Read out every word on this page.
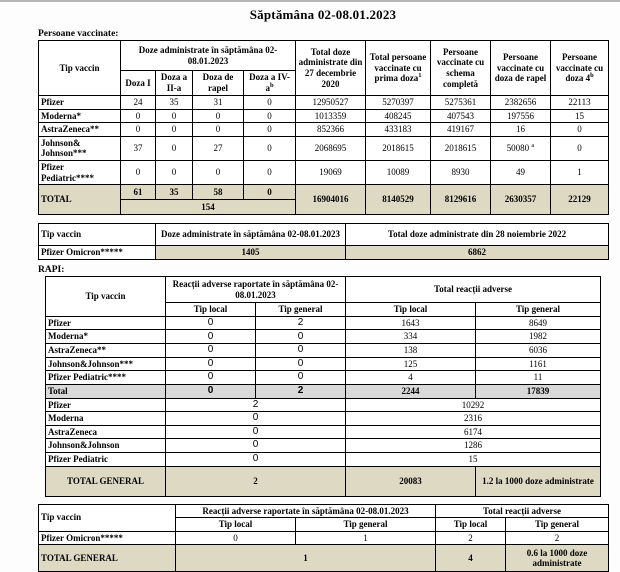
Săptămâna 02-08.01.2023
Persoane vaccinate:
Tip vaccin	Doze administrate în săptămâna 02-08.01.2023				Total doze administrate din 27 decembrie 2020	Total persoane vaccinate cu prima doza$^1$	Persoane vaccinate cu schema completă	Persoane vaccinate cu doza de rapel	Persoane vaccinate cu doza 4$^b$
	Doza I	Doza a II-a	Doza de rapel	Doza a $IV-a^b$
Pfizer	24	35	31	0	12950527	5270397	5275361	2382656	22113
Moderna*	0	0	0	0	1013359	408245	407543	197556	15
AstraZeneca**	0	0	0	0	852366	433183	419167	16	0
Johnson& Johnson***	37	0	27	0	2068695	2018615	2018615	50080 $^a$	0
Pfizer Pediatric****	0	0	0	0	19069	10089	8930	49	1
TOTAL	61	35	58	0	16904016	8140529	8129616	2630357	22129
	154								
Tip vaccin	Doze administrate în săptămâna 02-08.01.2023	Total doze administrate din 28 noiembrie 2022
Pfizer Omicron*****	1405	6862
RAPI:
Tip vaccin	Reacții adverse raportate în săptămâna 02-08.01.2023		Total reacții adverse	
	Tip local	Tip general	Tip local	Tip general
Pfizer	0	2	1643	8649
Moderna*	0	0	334	1982
AstraZeneca**	0	0	138	6036
Johnson&Johnson***	0	0	125	1161
Pfizer Pediatric****	0	0	4	11
Total	0	2	2244	17839
Pfizer	2		10292	
Moderna	0		2316	
AstraZeneca	0		6174	
Johnson&Johnson	0		1286	
Pfizer Pediatric	0		15	
TOTAL GENERAL	2		20083	1.2 la 1000 doze administrate
Tip vaccin	Reacții adverse raportate în săptămâna 02-08.01.2023		Total reacții adverse	
	Tip local	Tip general	Tip local	Tip general
Pfizer Omicron*****	0	1	2	2
TOTAL GENERAL	1		4	0.6 la 1000 doze administrate
